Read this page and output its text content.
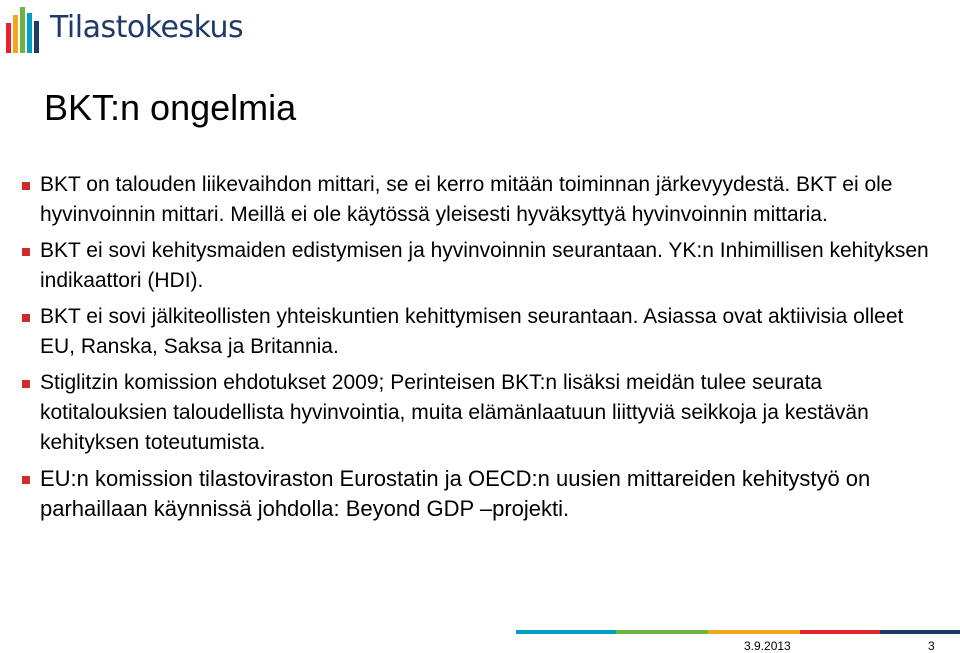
Tilastokeskus
BKT:n ongelmia
BKT on talouden liikevaihdon mittari, se ei kerro mitään toiminnan järkevyydestä. BKT ei ole hyvinvoinnin mittari. Meillä ei ole käytössä yleisesti hyväksyttyä hyvinvoinnin mittaria.
BKT ei sovi kehitysmaiden edistymisen ja hyvinvoinnin seurantaan. YK:n Inhimillisen kehityksen indikaattori (HDI).
BKT ei sovi jälkiteollisten yhteiskuntien kehittymisen seurantaan. Asiassa ovat aktiivisia olleet EU, Ranska, Saksa ja Britannia.
Stiglitzin komission ehdotukset 2009; Perinteisen BKT:n lisäksi meidän tulee seurata kotitalouksien taloudellista hyvinvointia, muita elämänlaatuun liittyviä seikkoja ja kestävän kehityksen toteutumista.
EU:n komission tilastoviraston Eurostatin ja OECD:n uusien mittareiden kehitystyö on parhaillaan käynnissä johdolla: Beyond GDP –projekti.
3.9.2013	3
